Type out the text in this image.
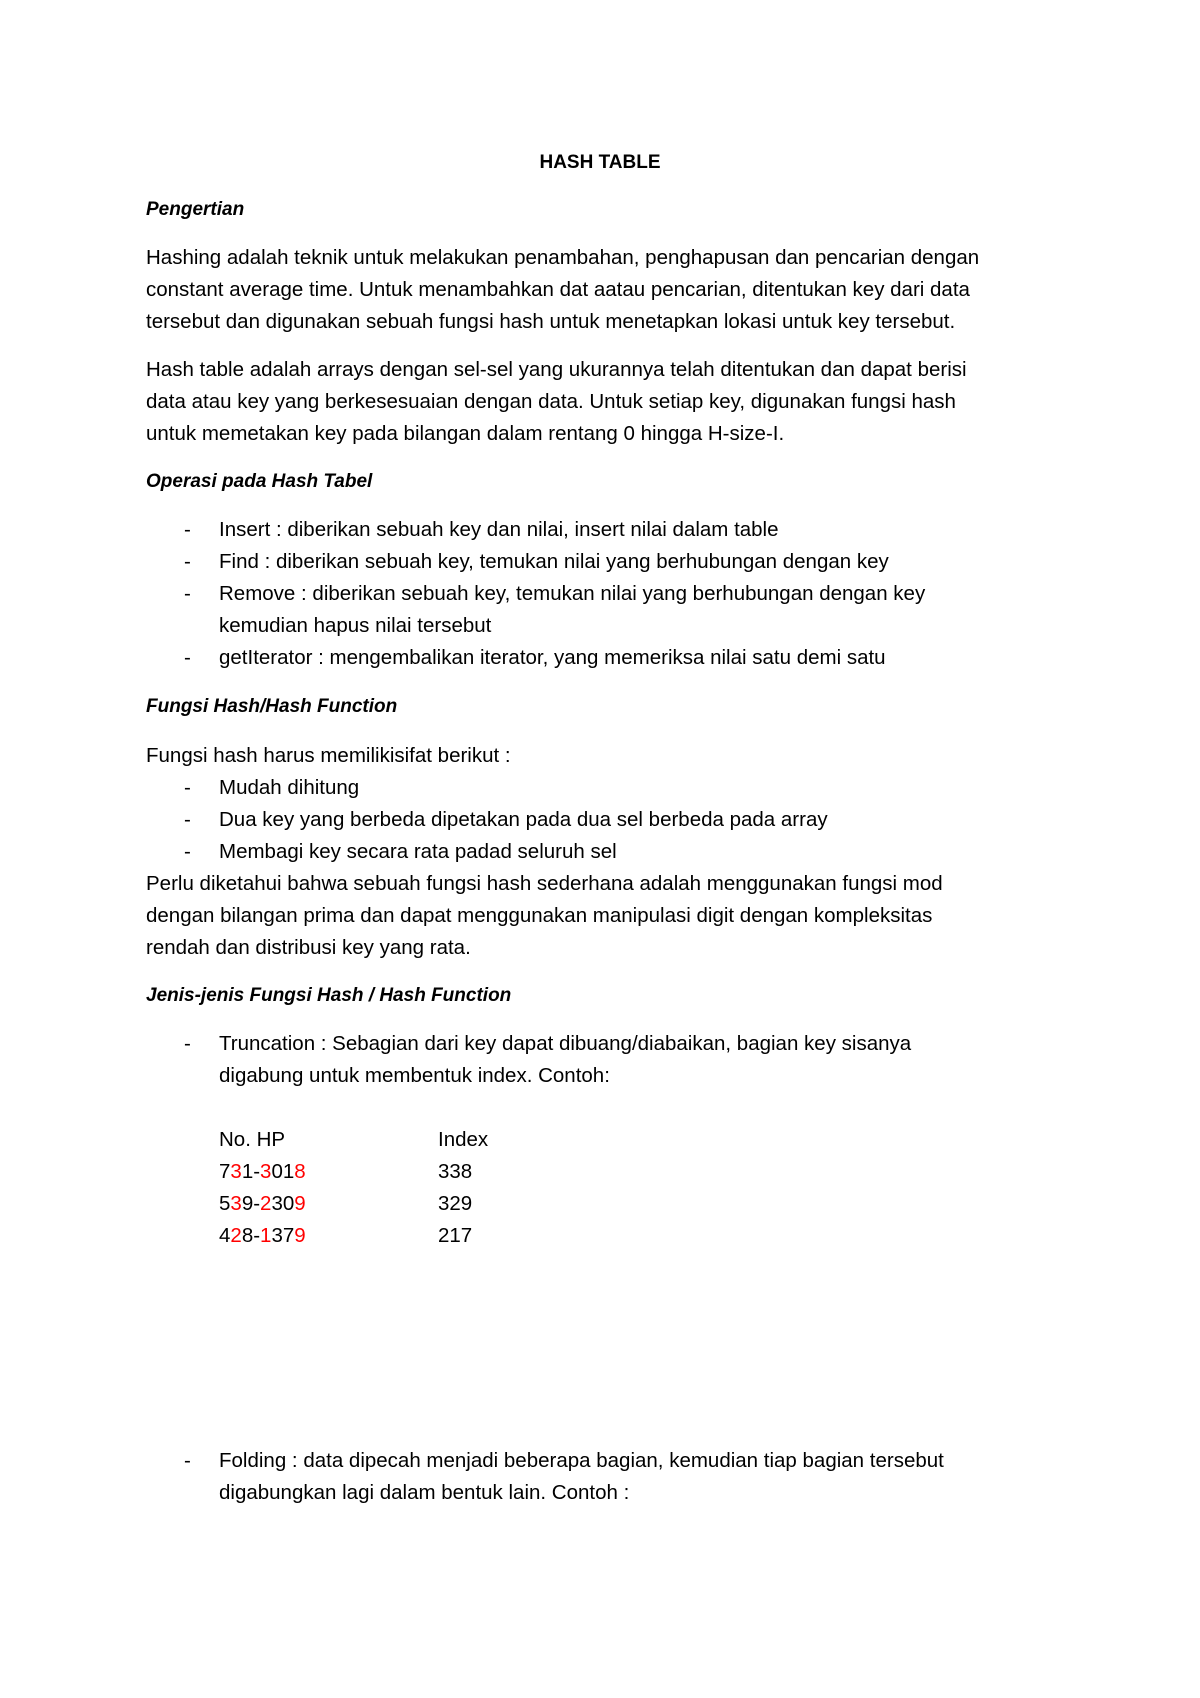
HASH TABLE
Pengertian
Hashing adalah teknik untuk melakukan penambahan, penghapusan dan pencarian dengan
constant average time. Untuk menambahkan dat aatau pencarian, ditentukan key dari data
tersebut dan digunakan sebuah fungsi hash untuk menetapkan lokasi untuk key tersebut.
Hash table adalah arrays dengan sel-sel yang ukurannya telah ditentukan dan dapat berisi
data atau key yang berkesesuaian dengan data. Untuk setiap key, digunakan fungsi hash
untuk memetakan key pada bilangan dalam rentang 0 hingga H-size-I.
Operasi pada Hash Tabel
- Insert : diberikan sebuah key dan nilai, insert nilai dalam table
- Find : diberikan sebuah key, temukan nilai yang berhubungan dengan key
- Remove : diberikan sebuah key, temukan nilai yang berhubungan dengan key
kemudian hapus nilai tersebut
- getIterator : mengembalikan iterator, yang memeriksa nilai satu demi satu
Fungsi Hash/Hash Function
Fungsi hash harus memilikisifat berikut :
- Mudah dihitung
- Dua key yang berbeda dipetakan pada dua sel berbeda pada array
- Membagi key secara rata padad seluruh sel
Perlu diketahui bahwa sebuah fungsi hash sederhana adalah menggunakan fungsi mod
dengan bilangan prima dan dapat menggunakan manipulasi digit dengan kompleksitas
rendah dan distribusi key yang rata.
Jenis-jenis Fungsi Hash / Hash Function
- Truncation : Sebagian dari key dapat dibuang/diabaikan, bagian key sisanya
digabung untuk membentuk index. Contoh:
No. HP	Index
731-3018	338
539-2309	329
428-1379	217
- Folding : data dipecah menjadi beberapa bagian, kemudian tiap bagian tersebut
digabungkan lagi dalam bentuk lain. Contoh :
